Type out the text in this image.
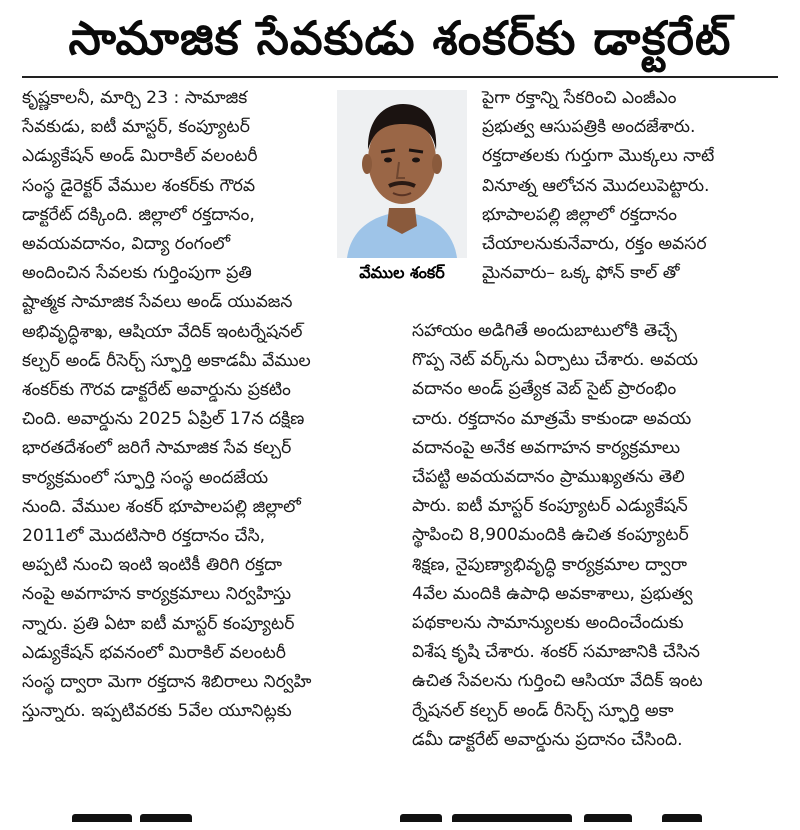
సామాజిక సేవకుడు శంకర్‌కు డాక్టరేట్

కృష్ణకాలనీ, మార్చి 23 : సామాజిక

సేవకుడు, ఐటీ మాస్టర్, కంప్యూటర్

ఎడ్యుకేషన్ అండ్ మిరాకిల్ వలంటరీ

సంస్థ డైరెక్టర్ వేముల శంకర్‌కు గౌరవ

డాక్టరేట్ దక్కింది. జిల్లాలో రక్తదానం,

అవయవదానం, విద్యా రంగంలో

అందించిన సేవలకు గుర్తింపుగా ప్రతి

ష్టాత్మక సామాజిక సేవలు అండ్ యువజన

అభివృద్ధిశాఖ, ఆషియా వేదిక్ ఇంటర్నేషనల్

కల్చర్ అండ్ రీసెర్చ్ స్ఫూర్తి అకాడమీ వేముల

శంకర్‌కు గౌరవ డాక్టరేట్ అవార్డును ప్రకటిం

చింది. అవార్డును 2025 ఏప్రిల్ 17న దక్షిణ

భారతదేశంలో జరిగే సామాజిక సేవ కల్చర్

కార్యక్రమంలో స్ఫూర్తి సంస్థ అందజేయ

నుంది. వేముల శంకర్ భూపాలపల్లి జిల్లాలో

2011లో మొదటిసారి రక్తదానం చేసి,

అప్పటి నుంచి ఇంటి ఇంటికీ తిరిగి రక్తదా

నంపై అవగాహన కార్యక్రమాలు నిర్వహిస్తు

న్నారు. ప్రతి ఏటా ఐటీ మాస్టర్ కంప్యూటర్

ఎడ్యుకేషన్ భవనంలో మిరాకిల్ వలంటరీ

సంస్థ ద్వారా మెగా రక్తదాన శిబిరాలు నిర్వహి

స్తున్నారు. ఇప్పటివరకు 5వేల యూనిట్లకు

పైగా రక్తాన్ని సేకరించి ఎంజీఎం

ప్రభుత్వ ఆసుపత్రికి అందజేశారు.

రక్తదాతలకు గుర్తుగా మొక్కలు నాటే

వినూత్న ఆలోచన మొదలుపెట్టారు.

భూపాలపల్లి జిల్లాలో రక్తదానం

చేయాలనుకునేవారు, రక్తం అవసర

మైనవారు– ఒక్క ఫోన్ కాల్ తో

సహాయం అడిగితే అందుబాటులోకి తెచ్చే

గొప్ప నెట్ వర్క్‌ను ఏర్పాటు చేశారు. అవయ

వదానం అండ్ ప్రత్యేక వెబ్ సైట్ ప్రారంభిం

చారు. రక్తదానం మాత్రమే కాకుండా అవయ

వదానంపై అనేక అవగాహన కార్యక్రమాలు

చేపట్టి అవయవదానం ప్రాముఖ్యతను తెలి

పారు. ఐటీ మాస్టర్ కంప్యూటర్ ఎడ్యుకేషన్

స్థాపించి 8,900మందికి ఉచిత కంప్యూటర్

శిక్షణ, నైపుణ్యాభివృద్ధి కార్యక్రమాల ద్వారా

4వేల మందికి ఉపాధి అవకాశాలు, ప్రభుత్వ

పథకాలను సామాన్యులకు అందించేందుకు

విశేష కృషి చేశారు. శంకర్ సమాజానికి చేసిన

ఉచిత సేవలను గుర్తించి ఆసియా వేదిక్ ఇంట

ర్నేషనల్ కల్చర్ అండ్ రీసెర్చ్ స్ఫూర్తి అకా

డమీ డాక్టరేట్ అవార్డును ప్రదానం చేసింది.

వేముల శంకర్
